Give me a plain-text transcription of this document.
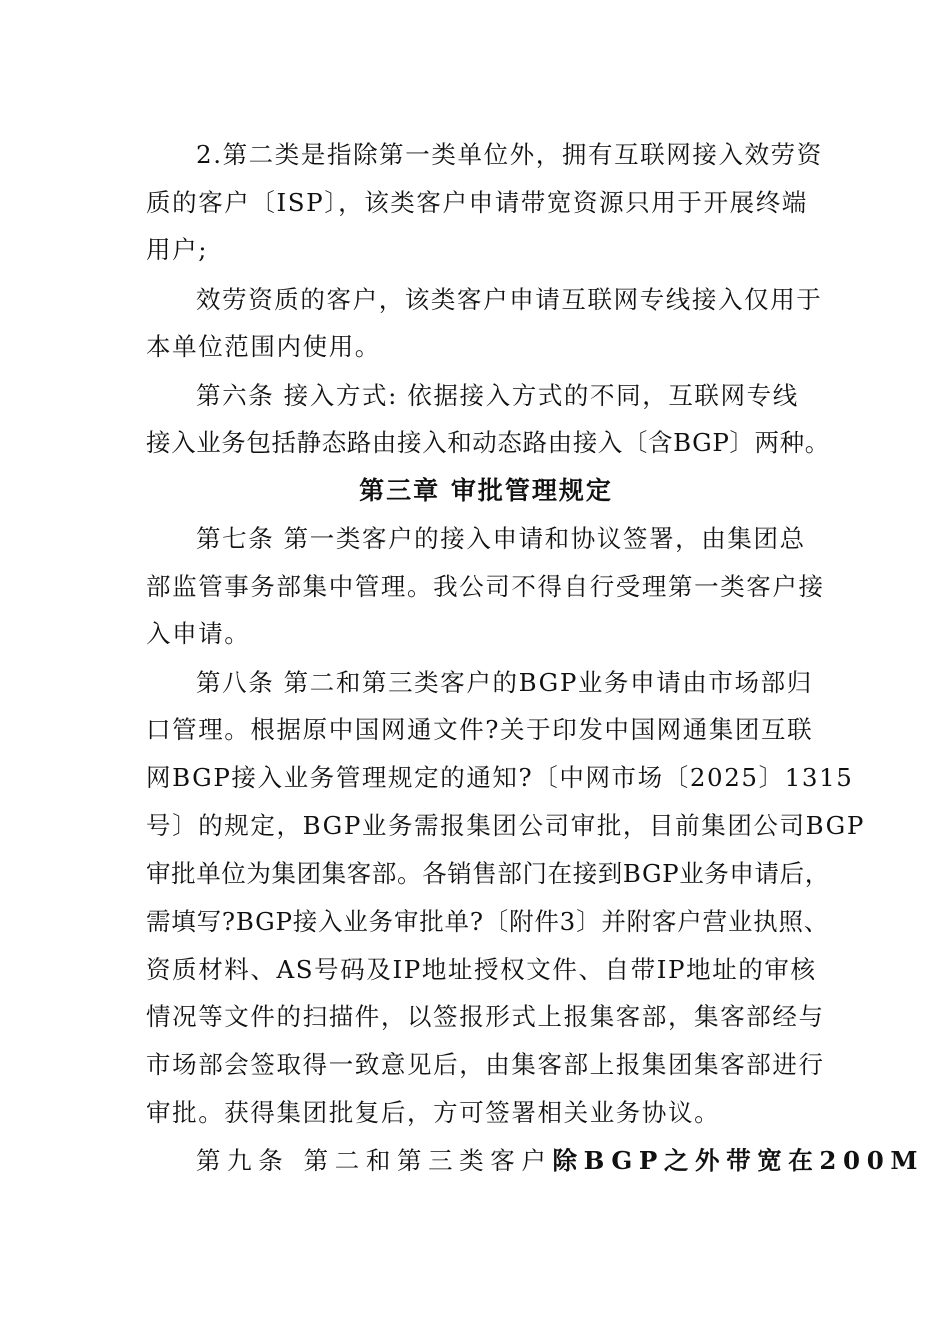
2.第二类是指除第一类单位外，拥有互联网接入效劳资
质的客户〔ISP〕，该类客户申请带宽资源只用于开展终端
用户;
效劳资质的客户，该类客户申请互联网专线接入仅用于
本单位范围内使用。
第六条 接入方式: 依据接入方式的不同，互联网专线
接入业务包括静态路由接入和动态路由接入〔含BGP〕两种。
第三章 审批管理规定
第七条 第一类客户的接入申请和协议签署，由集团总
部监管事务部集中管理。我公司不得自行受理第一类客户接
入申请。
第八条 第二和第三类客户的BGP业务申请由市场部归
口管理。根据原中国网通文件?关于印发中国网通集团互联
网BGP接入业务管理规定的通知?〔中网市场〔2025〕1315
号〕的规定，BGP业务需报集团公司审批，目前集团公司BGP
审批单位为集团集客部。各销售部门在接到BGP业务申请后，
需填写?BGP接入业务审批单?〔附件3〕并附客户营业执照、
资质材料、AS号码及IP地址授权文件、自带IP地址的审核
情况等文件的扫描件，以签报形式上报集客部，集客部经与
市场部会签取得一致意见后，由集客部上报集团集客部进行
审批。获得集团批复后，方可签署相关业务协议。
第九条 第二和第三类客户除BGP之外带宽在200M
